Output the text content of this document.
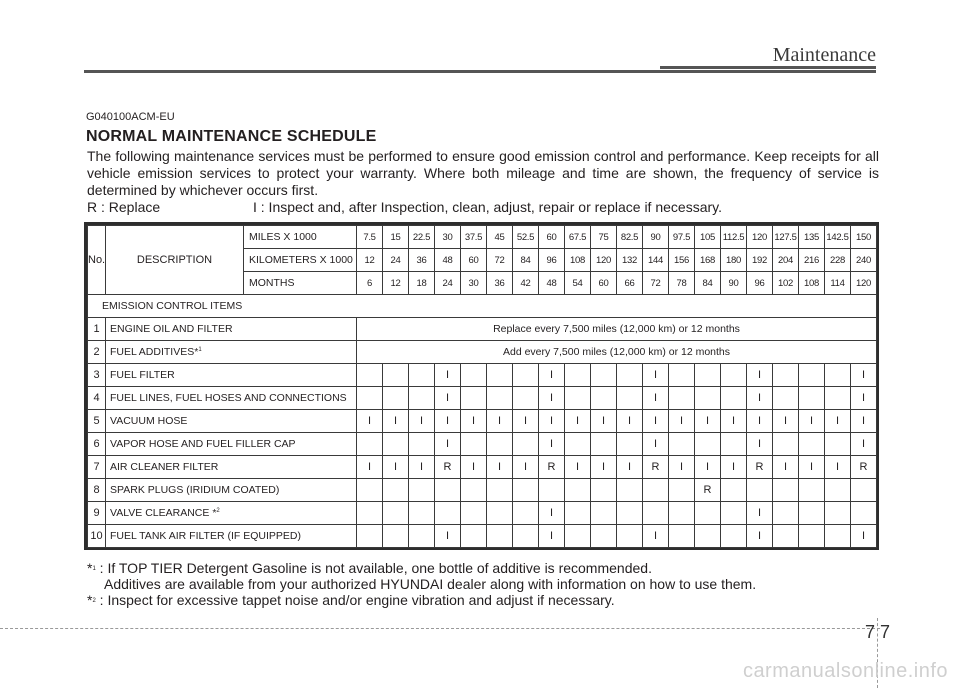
Maintenance
G040100ACM-EU
NORMAL MAINTENANCE SCHEDULE
The following maintenance services must be performed to ensure good emission control and performance. Keep receipts for all vehicle emission services to protect your warranty. Where both mileage and time are shown, the frequency of service is determined by whichever occurs first.
R : Replace	I : Inspect and, after Inspection, clean, adjust, repair or replace if necessary.
No.	DESCRIPTION	MILES X 1000	7.5	15	22.5	30	37.5	45	52.5	60	67.5	75	82.5	90	97.5	105	112.5	120	127.5	135	142.5	150
		KILOMETERS X 1000	12	24	36	48	60	72	84	96	108	120	132	144	156	168	180	192	204	216	228	240
		MONTHS	6	12	18	24	30	36	42	48	54	60	66	72	78	84	90	96	102	108	114	120
EMISSION CONTROL ITEMS																						
1	ENGINE OIL AND FILTER		Replace every 7,500 miles (12,000 km) or 12 months																			
2	FUEL ADDITIVES*$^1$		Add every 7,500 miles (12,000 km) or 12 months																			
3	FUEL FILTER					I				I				I				I				I
4	FUEL LINES, FUEL HOSES AND CONNECTIONS					I				I				I				I				I
5	VACUUM HOSE		I	I	I	I	I	I	I	I	I	I	I	I	I	I	I	I	I	I	I	I
6	VAPOR HOSE AND FUEL FILLER CAP					I				I				I				I				I
7	AIR CLEANER FILTER		I	I	I	R	I	I	I	R	I	I	I	R	I	I	I	R	I	I	I	R
8	SPARK PLUGS (IRIDIUM COATED)															R						
9	VALVE CLEARANCE *$^2$									I								I				
10	FUEL TANK AIR FILTER (IF EQUIPPED)					I				I				I				I				I
*$^1$ : If TOP TIER Detergent Gasoline is not available, one bottle of additive is recommended.
Additives are available from your authorized HYUNDAI dealer along with information on how to use them.
*$^2$ : Inspect for excessive tappet noise and/or engine vibration and adjust if necessary.
7 7
carmanualsonline.info
